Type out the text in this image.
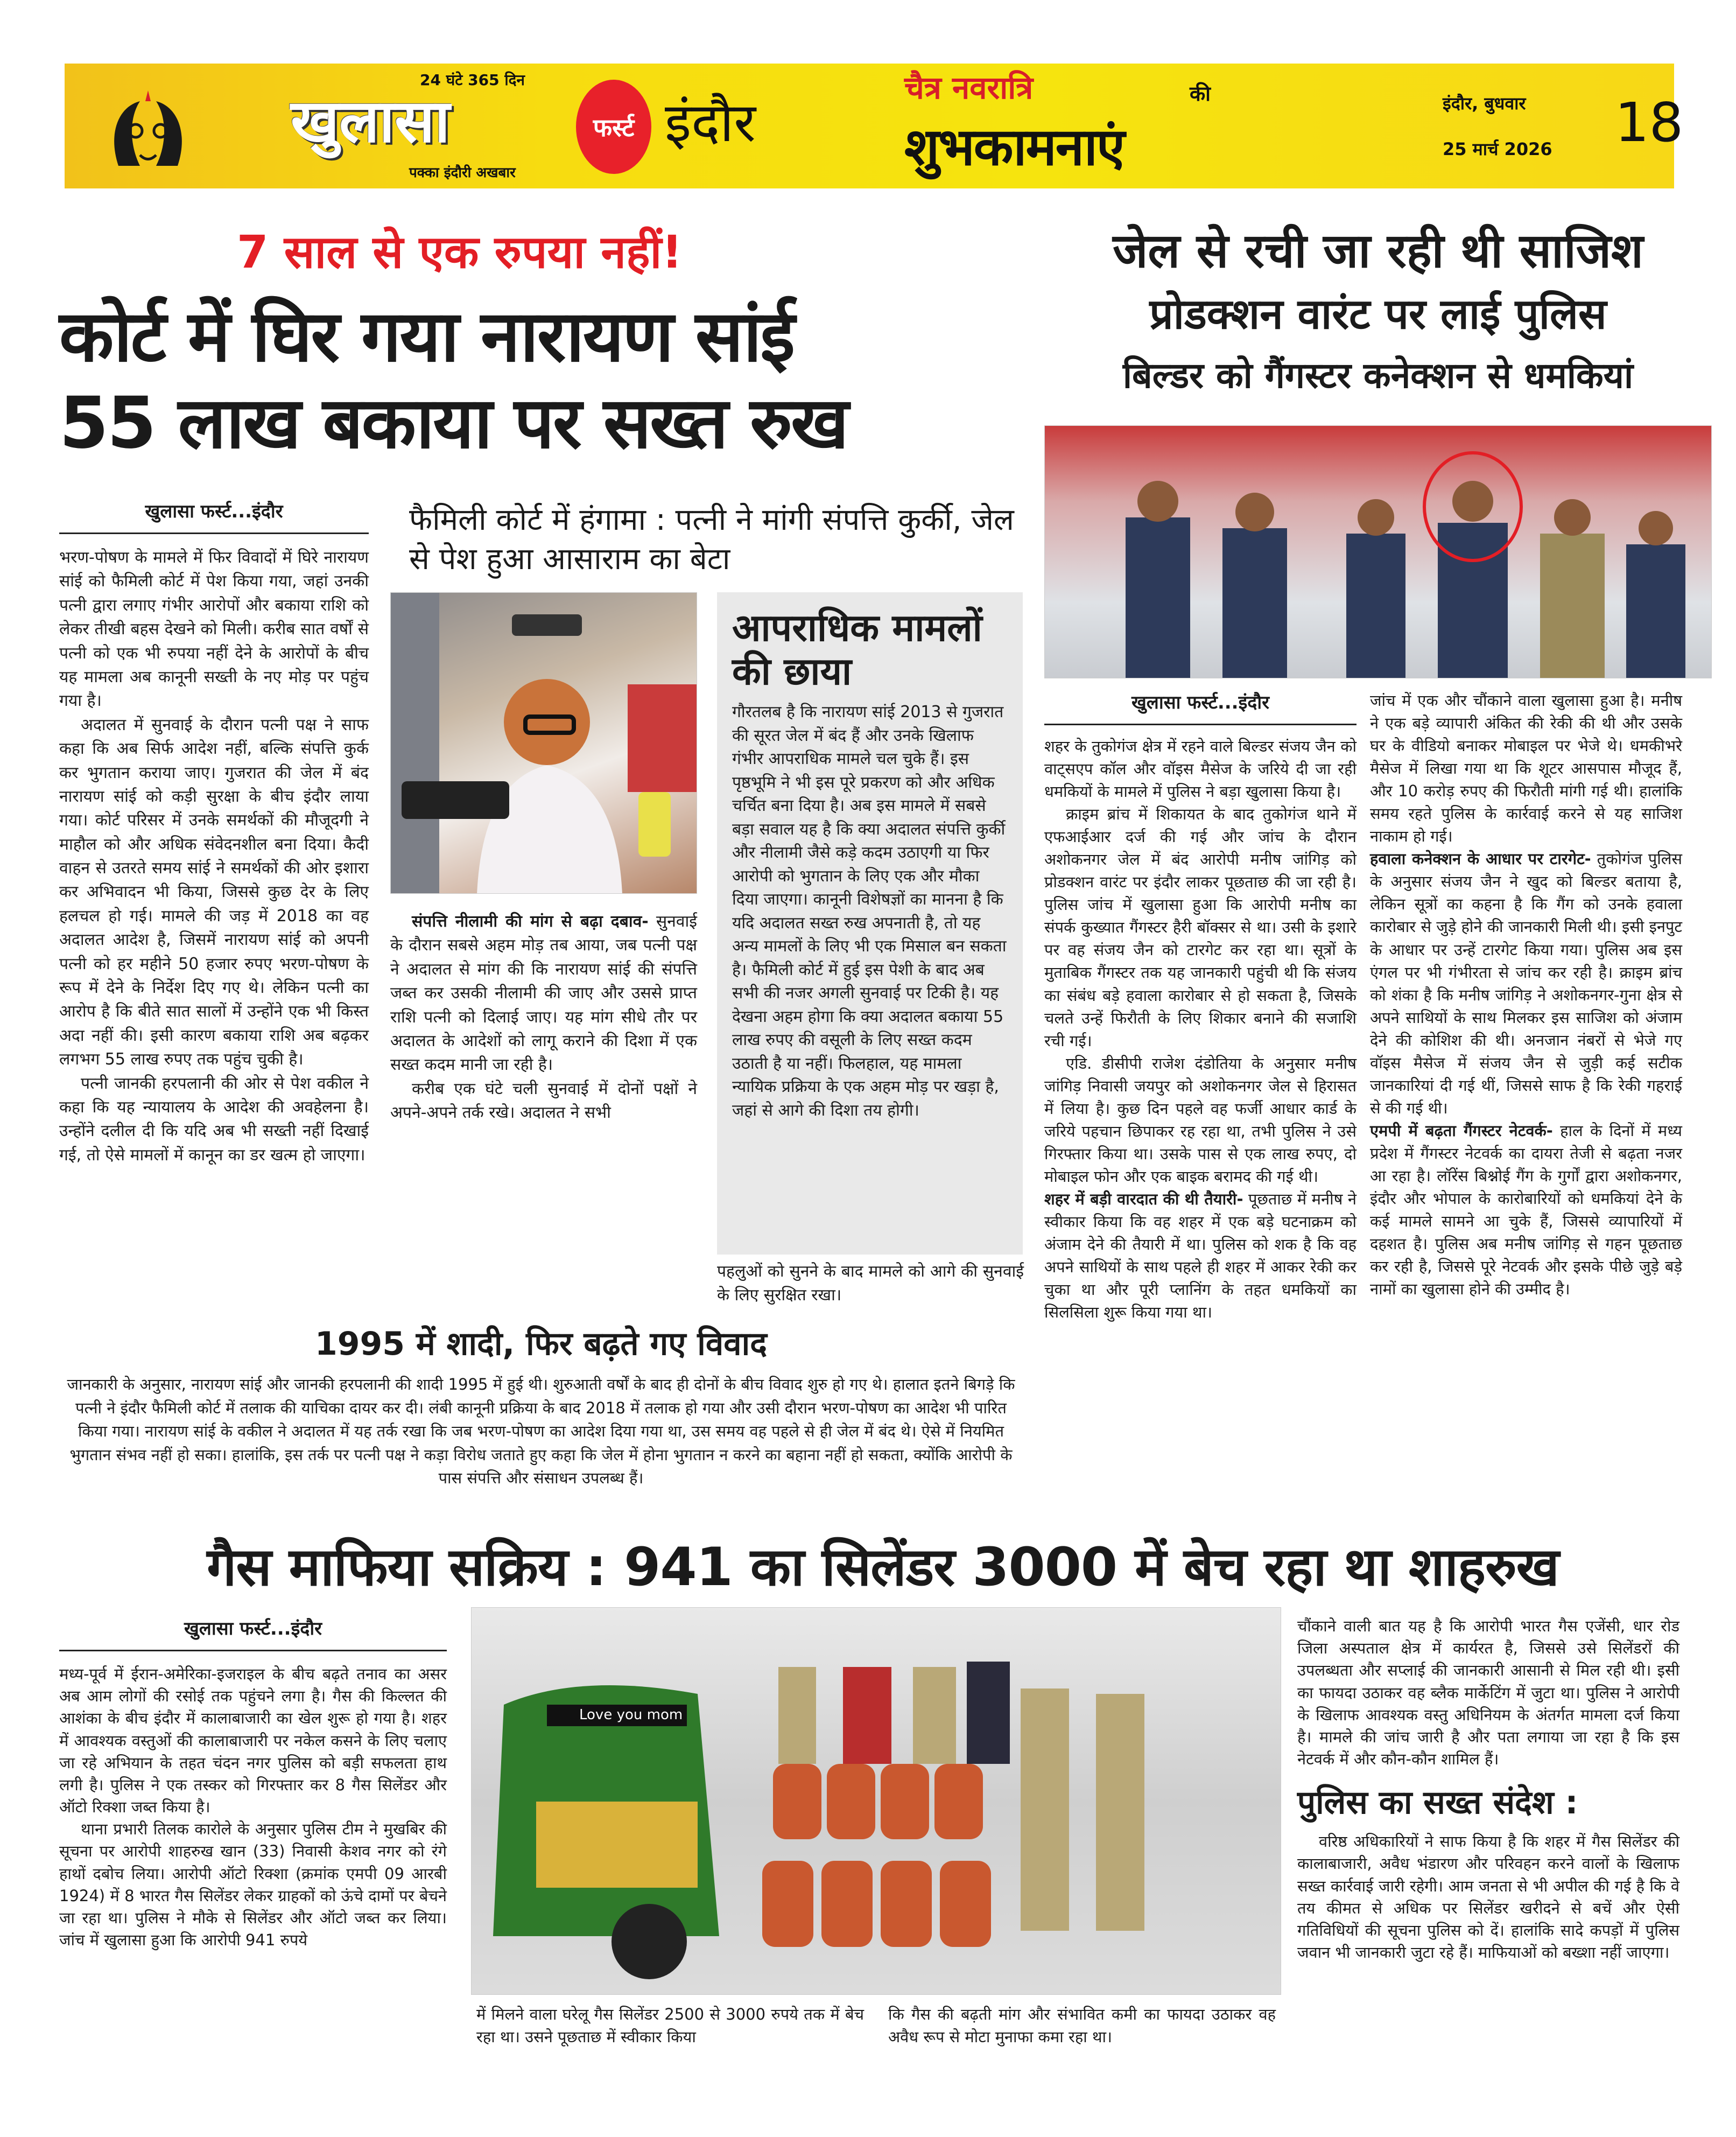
24 घंटे 365 दिन
खुलासा
पक्का इंदौरी अखबार
फर्स्ट इंदौर
चैत्र नवरात्रि	की
शुभकामनाएं
इंदौर, बुधवार
25 मार्च 2026 18
7 साल से एक रुपया नहीं!
कोर्ट में घिर गया नारायण सांई
55 लाख बकाया पर सख्त रुख
फैमिली कोर्ट में हंगामा : पत्नी ने मांगी संपत्ति कुर्की, जेल से पेश हुआ आसाराम का बेटा
खुलासा फर्स्ट...इंदौर

भरण-पोषण के मामले में फिर विवादों में घिरे नारायण सांई को फैमिली कोर्ट में पेश किया गया, जहां उनकी पत्नी द्वारा लगाए गंभीर आरोपों और बकाया राशि को लेकर तीखी बहस देखने को मिली। करीब सात वर्षों से पत्नी को एक भी रुपया नहीं देने के आरोपों के बीच यह मामला अब कानूनी सख्ती के नए मोड़ पर पहुंच गया है।

अदालत में सुनवाई के दौरान पत्नी पक्ष ने साफ कहा कि अब सिर्फ आदेश नहीं, बल्कि संपत्ति कुर्क कर भुगतान कराया जाए। गुजरात की जेल में बंद नारायण सांई को कड़ी सुरक्षा के बीच इंदौर लाया गया। कोर्ट परिसर में उनके समर्थकों की मौजूदगी ने माहौल को और अधिक संवेदनशील बना दिया। कैदी वाहन से उतरते समय सांई ने समर्थकों की ओर इशारा कर अभिवादन भी किया, जिससे कुछ देर के लिए हलचल हो गई। मामले की जड़ में 2018 का वह अदालत आदेश है, जिसमें नारायण सांई को अपनी पत्नी को हर महीने 50 हजार रुपए भरण-पोषण के रूप में देने के निर्देश दिए गए थे। लेकिन पत्नी का आरोप है कि बीते सात सालों में उन्होंने एक भी किस्त अदा नहीं की। इसी कारण बकाया राशि अब बढ़कर लगभग 55 लाख रुपए तक पहुंच चुकी है।

पत्नी जानकी हरपलानी की ओर से पेश वकील ने कहा कि यह न्यायालय के आदेश की अवहेलना है। उन्होंने दलील दी कि यदि अब भी सख्ती नहीं दिखाई गई, तो ऐसे मामलों में कानून का डर खत्म हो जाएगा।

संपत्ति नीलामी की मांग से बढ़ा दबाव- सुनवाई के दौरान सबसे अहम मोड़ तब आया, जब पत्नी पक्ष ने अदालत से मांग की कि नारायण सांई की संपत्ति जब्त कर उसकी नीलामी की जाए और उससे प्राप्त राशि पत्नी को दिलाई जाए। यह मांग सीधे तौर पर अदालत के आदेशों को लागू कराने की दिशा में एक सख्त कदम मानी जा रही है।

करीब एक घंटे चली सुनवाई में दोनों पक्षों ने अपने-अपने तर्क रखे। अदालत ने सभी

आपराधिक मामलों की छाया
गौरतलब है कि नारायण सांई 2013 से गुजरात की सूरत जेल में बंद हैं और उनके खिलाफ गंभीर आपराधिक मामले चल चुके हैं। इस पृष्ठभूमि ने भी इस पूरे प्रकरण को और अधिक चर्चित बना दिया है। अब इस मामले में सबसे बड़ा सवाल यह है कि क्या अदालत संपत्ति कुर्की और नीलामी जैसे कड़े कदम उठाएगी या फिर आरोपी को भुगतान के लिए एक और मौका दिया जाएगा। कानूनी विशेषज्ञों का मानना है कि यदि अदालत सख्त रुख अपनाती है, तो यह अन्य मामलों के लिए भी एक मिसाल बन सकता है। फैमिली कोर्ट में हुई इस पेशी के बाद अब सभी की नजर अगली सुनवाई पर टिकी है। यह देखना अहम होगा कि क्या अदालत बकाया 55 लाख रुपए की वसूली के लिए सख्त कदम उठाती है या नहीं। फिलहाल, यह मामला न्यायिक प्रक्रिया के एक अहम मोड़ पर खड़ा है, जहां से आगे की दिशा तय होगी।
पहलुओं को सुनने के बाद मामले को आगे की सुनवाई के लिए सुरक्षित रखा।
1995 में शादी, फिर बढ़ते गए विवाद
जानकारी के अनुसार, नारायण सांई और जानकी हरपलानी की शादी 1995 में हुई थी। शुरुआती वर्षों के बाद ही दोनों के बीच विवाद शुरु हो गए थे। हालात इतने बिगड़े कि पत्नी ने इंदौर फैमिली कोर्ट में तलाक की याचिका दायर कर दी। लंबी कानूनी प्रक्रिया के बाद 2018 में तलाक हो गया और उसी दौरान भरण-पोषण का आदेश भी पारित किया गया। नारायण सांई के वकील ने अदालत में यह तर्क रखा कि जब भरण-पोषण का आदेश दिया गया था, उस समय वह पहले से ही जेल में बंद थे। ऐसे में नियमित भुगतान संभव नहीं हो सका। हालांकि, इस तर्क पर पत्नी पक्ष ने कड़ा विरोध जताते हुए कहा कि जेल में होना भुगतान न करने का बहाना नहीं हो सकता, क्योंकि आरोपी के पास संपत्ति और संसाधन उपलब्ध हैं।
जेल से रची जा रही थी साजिश
प्रोडक्शन वारंट पर लाई पुलिस
बिल्डर को गैंगस्टर कनेक्शन से धमकियां
खुलासा फर्स्ट...इंदौर

शहर के तुकोगंज क्षेत्र में रहने वाले बिल्डर संजय जैन को वाट्सएप कॉल और वॉइस मैसेज के जरिये दी जा रही धमकियों के मामले में पुलिस ने बड़ा खुलासा किया है।

क्राइम ब्रांच में शिकायत के बाद तुकोगंज थाने में एफआईआर दर्ज की गई और जांच के दौरान अशोकनगर जेल में बंद आरोपी मनीष जांगिड़ को प्रोडक्शन वारंट पर इंदौर लाकर पूछताछ की जा रही है। पुलिस जांच में खुलासा हुआ कि आरोपी मनीष का संपर्क कुख्यात गैंगस्टर हैरी बॉक्सर से था। उसी के इशारे पर वह संजय जैन को टारगेट कर रहा था। सूत्रों के मुताबिक गैंगस्टर तक यह जानकारी पहुंची थी कि संजय का संबंध बड़े हवाला कारोबार से हो सकता है, जिसके चलते उन्हें फिरौती के लिए शिकार बनाने की सजाशि रची गई।

एडि. डीसीपी राजेश दंडोतिया के अनुसार मनीष जांगिड़ निवासी जयपुर को अशोकनगर जेल से हिरासत में लिया है। कुछ दिन पहले वह फर्जी आधार कार्ड के जरिये पहचान छिपाकर रह रहा था, तभी पुलिस ने उसे गिरफ्तार किया था। उसके पास से एक लाख रुपए, दो मोबाइल फोन और एक बाइक बरामद की गई थी।

शहर में बड़ी वारदात की थी तैयारी- पूछताछ में मनीष ने स्वीकार किया कि वह शहर में एक बड़े घटनाक्रम को अंजाम देने की तैयारी में था। पुलिस को शक है कि वह अपने साथियों के साथ पहले ही शहर में आकर रेकी कर चुका था और पूरी प्लानिंग के तहत धमकियों का सिलसिला शुरू किया गया था।

जांच में एक और चौंकाने वाला खुलासा हुआ है। मनीष ने एक बड़े व्यापारी अंकित की रेकी की थी और उसके घर के वीडियो बनाकर मोबाइल पर भेजे थे। धमकीभरे मैसेज में लिखा गया था कि शूटर आसपास मौजूद हैं, और 10 करोड़ रुपए की फिरौती मांगी गई थी। हालांकि समय रहते पुलिस के कार्रवाई करने से यह साजिश नाकाम हो गई।

हवाला कनेक्शन के आधार पर टारगेट- तुकोगंज पुलिस के अनुसार संजय जैन ने खुद को बिल्डर बताया है, लेकिन सूत्रों का कहना है कि गैंग को उनके हवाला कारोबार से जुड़े होने की जानकारी मिली थी। इसी इनपुट के आधार पर उन्हें टारगेट किया गया। पुलिस अब इस एंगल पर भी गंभीरता से जांच कर रही है। क्राइम ब्रांच को शंका है कि मनीष जांगिड़ ने अशोकनगर-गुना क्षेत्र से अपने साथियों के साथ मिलकर इस साजिश को अंजाम देने की कोशिश की थी। अनजान नंबरों से भेजे गए वॉइस मैसेज में संजय जैन से जुड़ी कई सटीक जानकारियां दी गई थीं, जिससे साफ है कि रेकी गहराई से की गई थी।

एमपी में बढ़ता गैंगस्टर नेटवर्क- हाल के दिनों में मध्य प्रदेश में गैंगस्टर नेटवर्क का दायरा तेजी से बढ़ता नजर आ रहा है। लॉरेंस बिश्नोई गैंग के गुर्गों द्वारा अशोकनगर, इंदौर और भोपाल के कारोबारियों को धमकियां देने के कई मामले सामने आ चुके हैं, जिससे व्यापारियों में दहशत है। पुलिस अब मनीष जांगिड़ से गहन पूछताछ कर रही है, जिससे पूरे नेटवर्क और इसके पीछे जुड़े बड़े नामों का खुलासा होने की उम्मीद है।

गैस माफिया सक्रिय : 941 का सिलेंडर 3000 में बेच रहा था शाहरुख
खुलासा फर्स्ट...इंदौर

मध्य-पूर्व में ईरान-अमेरिका-इजराइल के बीच बढ़ते तनाव का असर अब आम लोगों की रसोई तक पहुंचने लगा है। गैस की किल्लत की आशंका के बीच इंदौर में कालाबाजारी का खेल शुरू हो गया है। शहर में आवश्यक वस्तुओं की कालाबाजारी पर नकेल कसने के लिए चलाए जा रहे अभियान के तहत चंदन नगर पुलिस को बड़ी सफलता हाथ लगी है। पुलिस ने एक तस्कर को गिरफ्तार कर 8 गैस सिलेंडर और ऑटो रिक्शा जब्त किया है।

थाना प्रभारी तिलक कारोले के अनुसार पुलिस टीम ने मुखबिर की सूचना पर आरोपी शाहरुख खान (33) निवासी केशव नगर को रंगे हाथों दबोच लिया। आरोपी ऑटो रिक्शा (क्रमांक एमपी 09 आरबी 1924) में 8 भारत गैस सिलेंडर लेकर ग्राहकों को ऊंचे दामों पर बेचने जा रहा था। पुलिस ने मौके से सिलेंडर और ऑटो जब्त कर लिया। जांच में खुलासा हुआ कि आरोपी 941 रुपये

Love you mom
में मिलने वाला घरेलू गैस सिलेंडर 2500 से 3000 रुपये तक में बेच रहा था। उसने पूछताछ में स्वीकार किया
कि गैस की बढ़ती मांग और संभावित कमी का फायदा उठाकर वह अवैध रूप से मोटा मुनाफा कमा रहा था।
चौंकाने वाली बात यह है कि आरोपी भारत गैस एजेंसी, धार रोड जिला अस्पताल क्षेत्र में कार्यरत है, जिससे उसे सिलेंडरों की उपलब्धता और सप्लाई की जानकारी आसानी से मिल रही थी। इसी का फायदा उठाकर वह ब्लैक मार्केटिंग में जुटा था। पुलिस ने आरोपी के खिलाफ आवश्यक वस्तु अधिनियम के अंतर्गत मामला दर्ज किया है। मामले की जांच जारी है और पता लगाया जा रहा है कि इस नेटवर्क में और कौन-कौन शामिल हैं।
पुलिस का सख्त संदेश :

वरिष्ठ अधिकारियों ने साफ किया है कि शहर में गैस सिलेंडर की कालाबाजारी, अवैध भंडारण और परिवहन करने वालों के खिलाफ सख्त कार्रवाई जारी रहेगी। आम जनता से भी अपील की गई है कि वे तय कीमत से अधिक पर सिलेंडर खरीदने से बचें और ऐसी गतिविधियों की सूचना पुलिस को दें। हालांकि सादे कपड़ों में पुलिस जवान भी जानकारी जुटा रहे हैं। माफियाओं को बख्शा नहीं जाएगा।
